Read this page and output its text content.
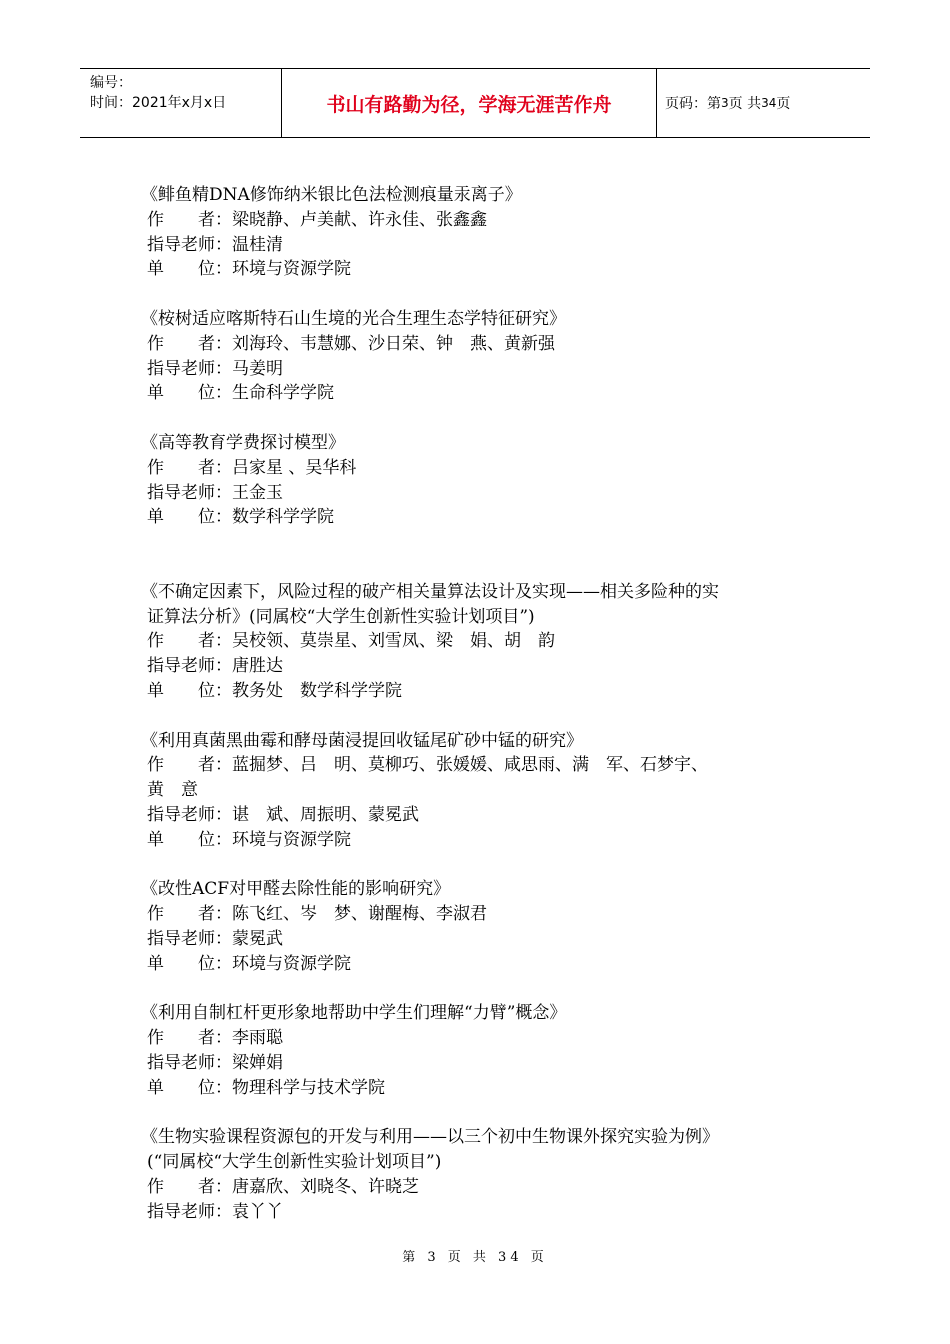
编号：
时间：2021年x月x日	书山有路勤为径，学海无涯苦作舟	页码：第 3 页 共 34 页
《鲱鱼精DNA修饰纳米银比色法检测痕量汞离子》
作　　者：梁晓静、卢美献、许永佳、张鑫鑫
指导老师：温桂清
单　　位：环境与资源学院
《桉树适应喀斯特石山生境的光合生理生态学特征研究》
作　　者：刘海玲、韦慧娜、沙日荣、钟　燕、黄新强
指导老师：马姜明
单　　位：生命科学学院
《高等教育学费探讨模型》
作　　者：吕家星 、吴华科
指导老师：王金玉
单　　位：数学科学学院
《不确定因素下，风险过程的破产相关量算法设计及实现——相关多险种的实
证算法分析》(同属校“大学生创新性实验计划项目”)
作　　者：吴校领、莫崇星、刘雪凤、梁　娟、胡　韵
指导老师：唐胜达
单　　位：教务处　数学科学学院
《利用真菌黑曲霉和酵母菌浸提回收锰尾矿砂中锰的研究》
作　　者：蓝掘梦、吕　明、莫柳巧、张媛媛、咸思雨、满　军、石梦宇、
黄　意
指导老师：谌　斌、周振明、蒙冕武
单　　位：环境与资源学院
《改性ACF对甲醛去除性能的影响研究》
作　　者：陈飞红、岑　梦、谢醒梅、李淑君
指导老师：蒙冕武
单　　位：环境与资源学院
《利用自制杠杆更形象地帮助中学生们理解“力臂”概念》
作　　者：李雨聪
指导老师：梁婵娟
单　　位：物理科学与技术学院
《生物实验课程资源包的开发与利用——以三个初中生物课外探究实验为例》
(“同属校“大学生创新性实验计划项目”)
作　　者：唐嘉欣、刘晓冬、许晓芝
指导老师：袁丫丫
第 3 页 共 34 页
